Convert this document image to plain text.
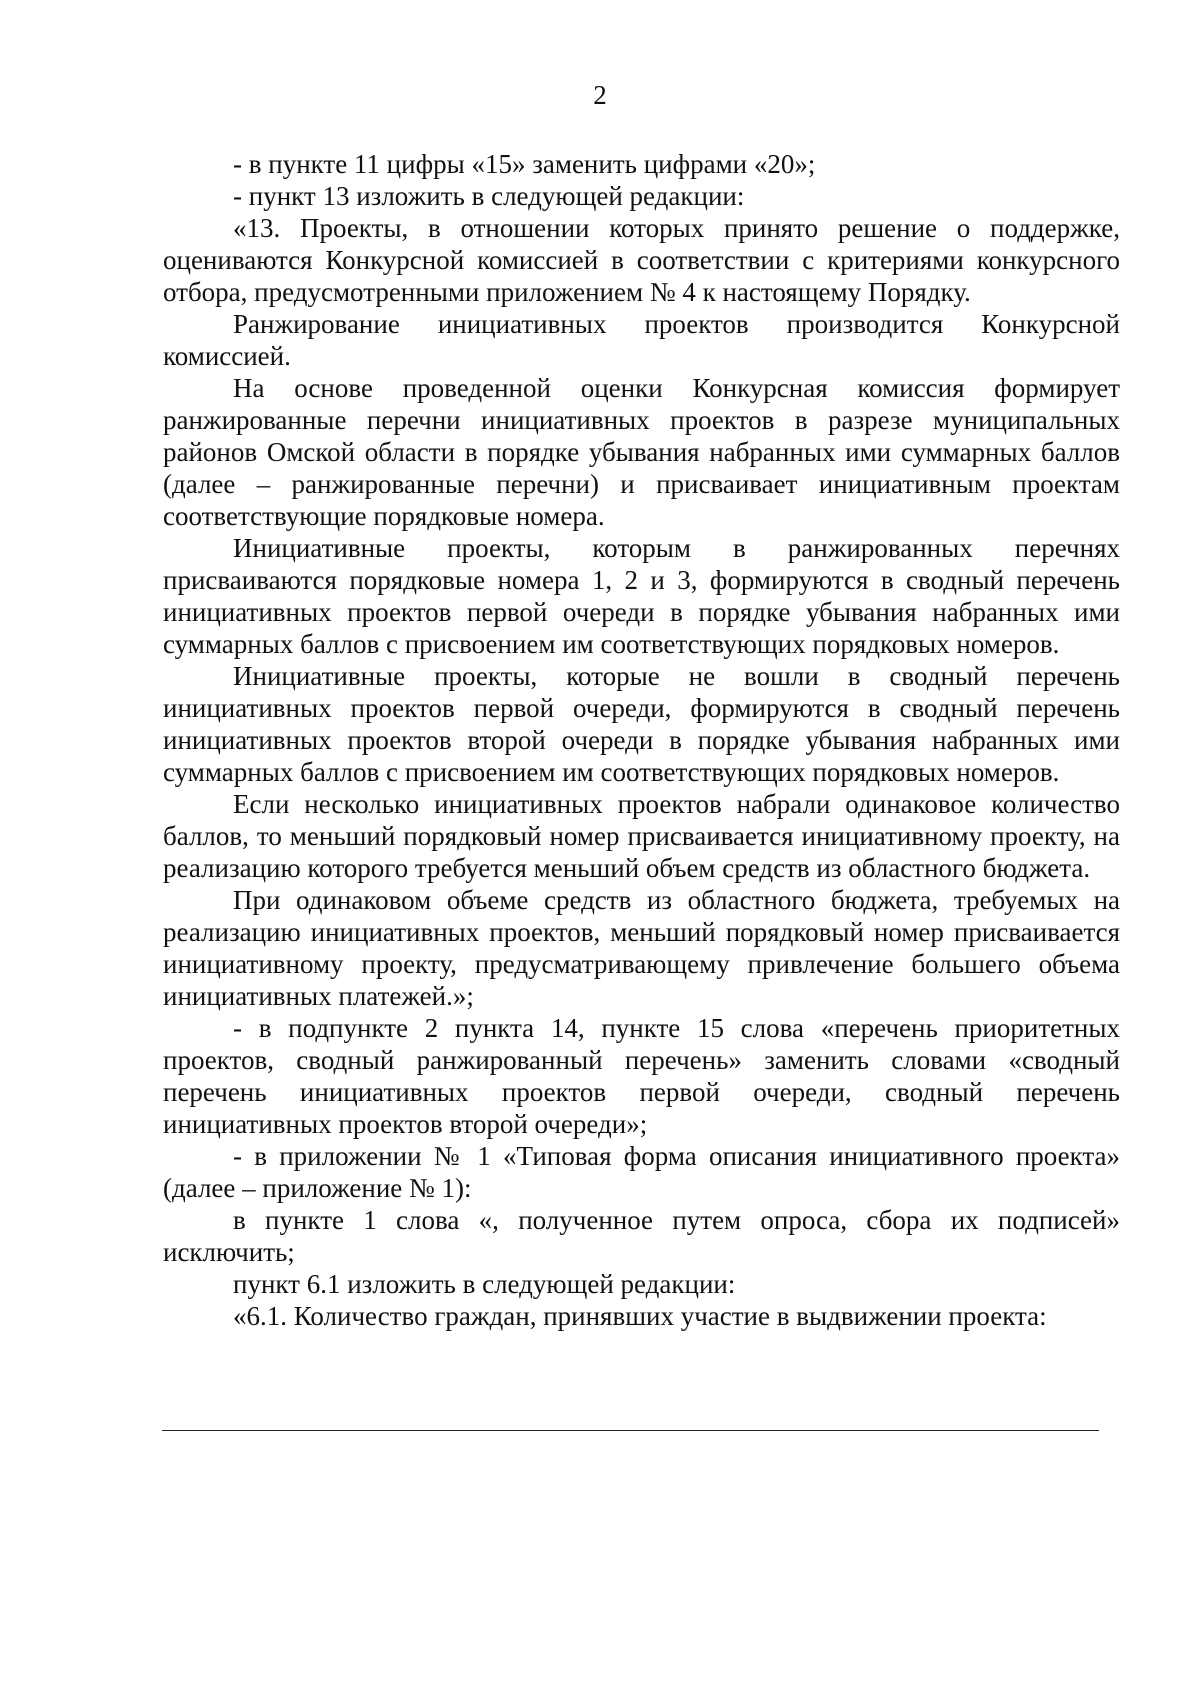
2

- в пункте 11 цифры «15» заменить цифрами «20»;

- пункт 13 изложить в следующей редакции:

«13. Проекты, в отношении которых принято решение о поддержке, оцениваются Конкурсной комиссией в соответствии с критериями конкурсного отбора, предусмотренными приложением № 4 к настоящему Порядку.

Ранжирование инициативных проектов производится Конкурсной комиссией.

На основе проведенной оценки Конкурсная комиссия формирует ранжированные перечни инициативных проектов в разрезе муниципальных районов Омской области в порядке убывания набранных ими суммарных баллов (далее – ранжированные перечни) и присваивает инициативным проектам соответствующие порядковые номера.

Инициативные проекты, которым в ранжированных перечнях присваиваются порядковые номера 1, 2 и 3, формируются в сводный перечень инициативных проектов первой очереди в порядке убывания набранных ими суммарных баллов с присвоением им соответствующих порядковых номеров.

Инициативные проекты, которые не вошли в сводный перечень инициативных проектов первой очереди, формируются в сводный перечень инициативных проектов второй очереди в порядке убывания набранных ими суммарных баллов с присвоением им соответствующих порядковых номеров.

Если несколько инициативных проектов набрали одинаковое количество баллов, то меньший порядковый номер присваивается инициативному проекту, на реализацию которого требуется меньший объем средств из областного бюджета.

При одинаковом объеме средств из областного бюджета, требуемых на реализацию инициативных проектов, меньший порядковый номер присваивается инициативному проекту, предусматривающему привлечение большего объема инициативных платежей.»;

- в подпункте 2 пункта 14, пункте 15 слова «перечень приоритетных проектов, сводный ранжированный перечень» заменить словами «сводный перечень инициативных проектов первой очереди, сводный перечень инициативных проектов второй очереди»;

- в приложении № 1 «Типовая форма описания инициативного проекта» (далее – приложение № 1):

в пункте 1 слова «, полученное путем опроса, сбора их подписей» исключить;

пункт 6.1 изложить в следующей редакции:

«6.1. Количество граждан, принявших участие в выдвижении проекта:
